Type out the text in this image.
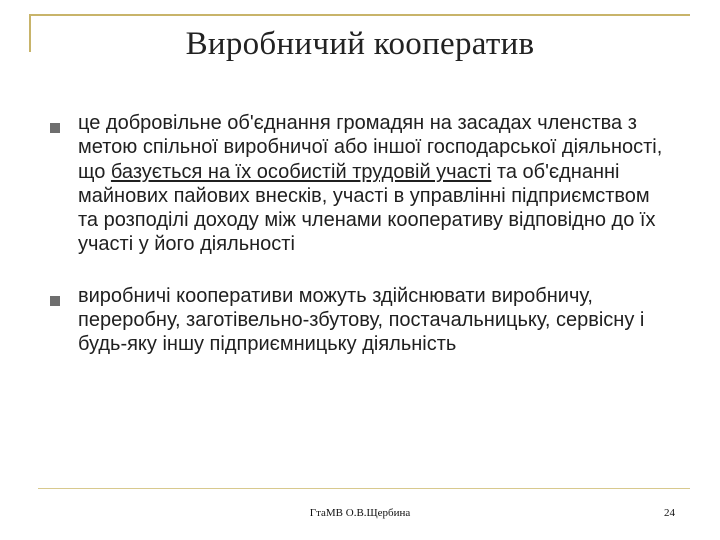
Виробничий кооператив
це добровільне об'єднання громадян на засадах членства з метою спільної виробничої або іншої господарської діяльності, що базується на їх особистій трудовій участі та об'єднанні майнових пайових внесків, участі в управлінні підприємством та розподілі доходу між членами кооперативу відповідно до їх участі у його діяльності
виробничі кооперативи можуть здійснювати виробничу, переробну, заготівельно-збутову, постачальницьку, сервісну і будь-яку іншу підприємницьку діяльність
ГтаМВ О.В.Щербина	24
